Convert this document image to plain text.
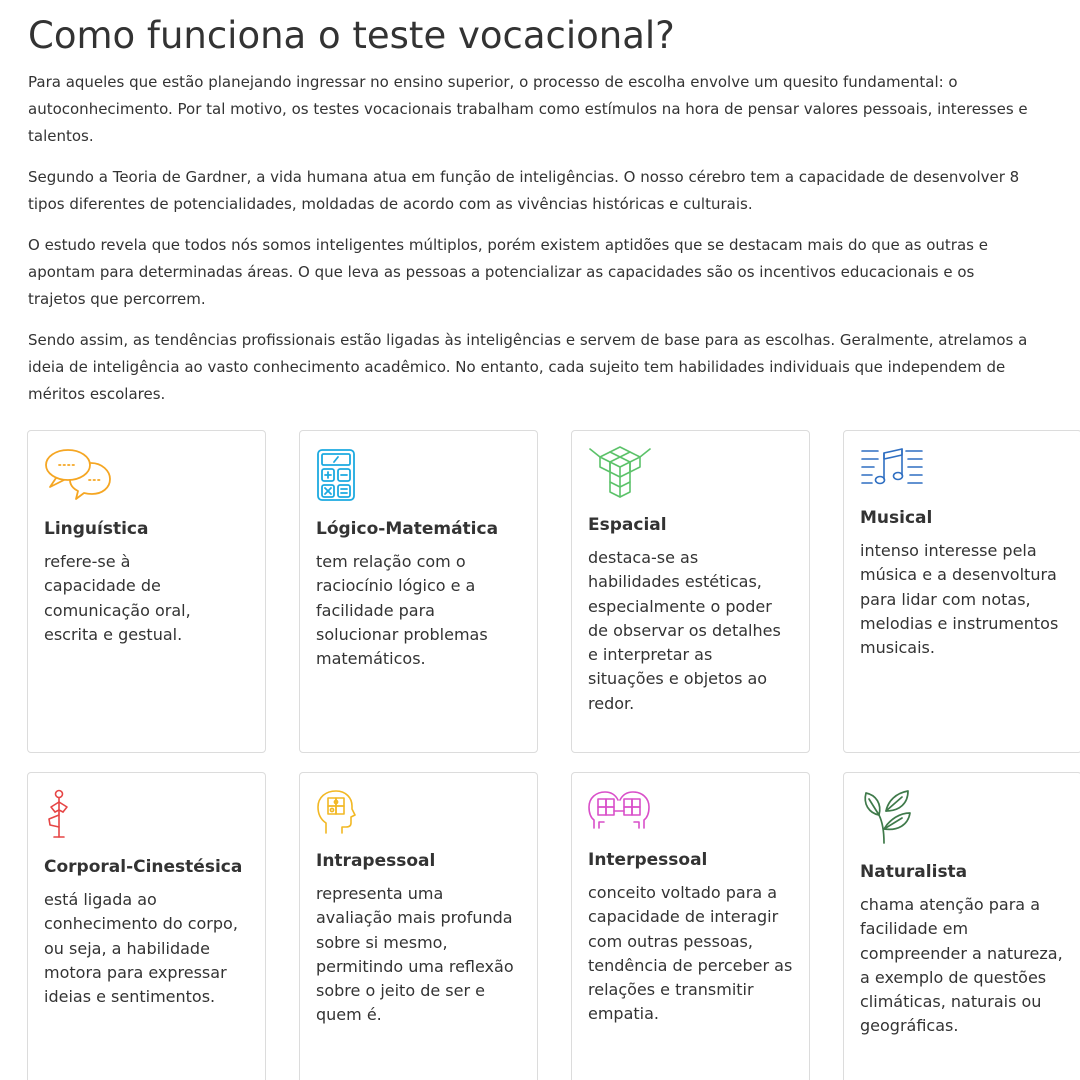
Como funciona o teste vocacional?

Para aqueles que estão planejando ingressar no ensino superior, o processo de escolha envolve um quesito fundamental: o autoconhecimento. Por tal motivo, os testes vocacionais trabalham como estímulos na hora de pensar valores pessoais, interesses e talentos.

Segundo a Teoria de Gardner, a vida humana atua em função de inteligências. O nosso cérebro tem a capacidade de desenvolver 8 tipos diferentes de potencialidades, moldadas de acordo com as vivências históricas e culturais.

O estudo revela que todos nós somos inteligentes múltiplos, porém existem aptidões que se destacam mais do que as outras e apontam para determinadas áreas. O que leva as pessoas a potencializar as capacidades são os incentivos educacionais e os trajetos que percorrem.

Sendo assim, as tendências profissionais estão ligadas às inteligências e servem de base para as escolhas. Geralmente, atrelamos a ideia de inteligência ao vasto conhecimento acadêmico. No entanto, cada sujeito tem habilidades individuais que independem de méritos escolares.

Linguística

refere-se à capacidade de comunicação oral, escrita e gestual.

Lógico-Matemática

tem relação com o raciocínio lógico e a facilidade para solucionar problemas matemáticos.

Espacial

destaca-se as habilidades estéticas, especialmente o poder de observar os detalhes e interpretar as situações e objetos ao redor.

Musical

intenso interesse pela música e a desenvoltura para lidar com notas, melodias e instrumentos musicais.

Corporal-Cinestésica

está ligada ao conhecimento do corpo, ou seja, a habilidade motora para expressar ideias e sentimentos.

Intrapessoal

representa uma avaliação mais profunda sobre si mesmo, permitindo uma reflexão sobre o jeito de ser e quem é.

Interpessoal

conceito voltado para a capacidade de interagir com outras pessoas, tendência de perceber as relações e transmitir empatia.

Naturalista

chama atenção para a facilidade em compreender a natureza, a exemplo de questões climáticas, naturais ou geográficas.
